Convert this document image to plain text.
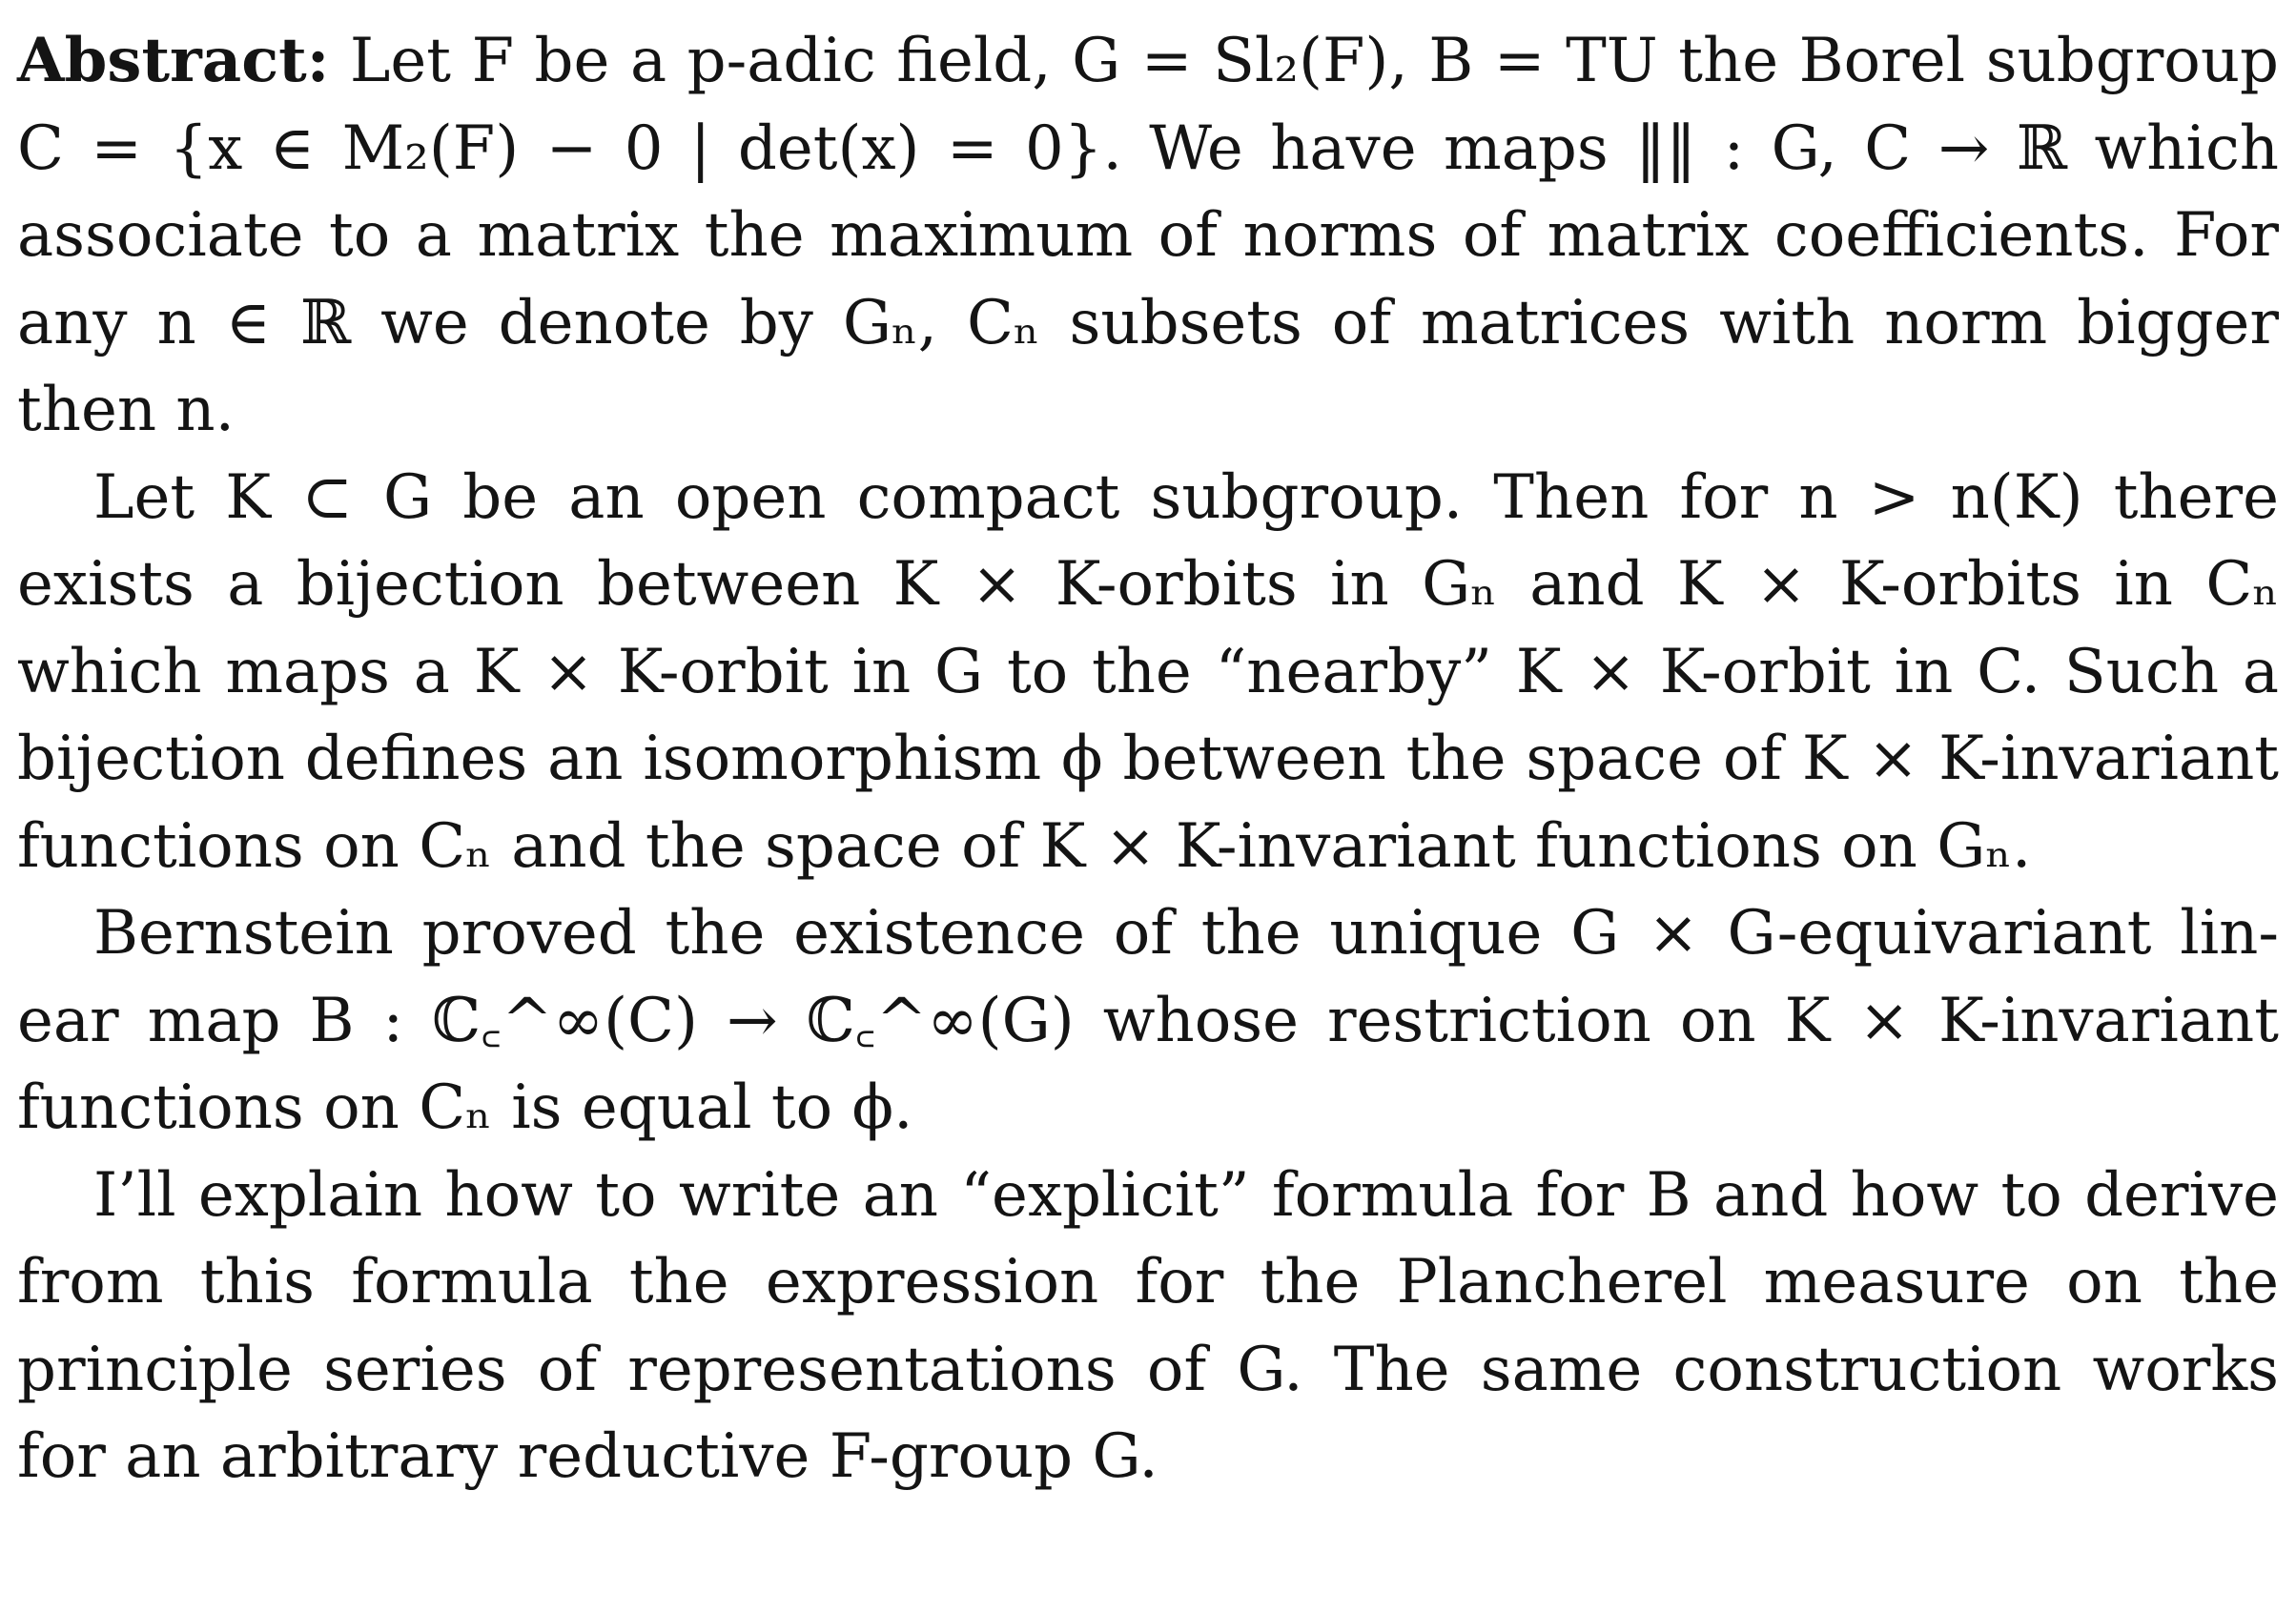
Abstract: Let F be a p-adic field, G = Sl₂(F), B = TU the Borel subgroup C = {x ∈ M₂(F) − 0 | det(x) = 0}. We have maps ‖‖ : G, C → ℝ which associate to a matrix the maximum of norms of matrix coefficients. For any n ∈ ℝ we denote by Gₙ, Cₙ subsets of matrices with norm bigger then n.

Let K ⊂ G be an open compact subgroup. Then for n > n(K) there exists a bijection between K × K-orbits in Gₙ and K × K-orbits in Cₙ which maps a K × K-orbit in G to the “nearby” K × K-orbit in C. Such a bijection defines an isomorphism ϕ between the space of K × K-invariant functions on Cₙ and the space of K × K-invariant functions on Gₙ.

Bernstein proved the existence of the unique G × G-equivariant lin- ear map B : ℂ꜀^∞(C) → ℂ꜀^∞(G) whose restriction on K × K-invariant functions on Cₙ is equal to ϕ.

I’ll explain how to write an “explicit” formula for B and how to derive from this formula the expression for the Plancherel measure on the principle series of representations of G. The same construction works for an arbitrary reductive F-group G.
